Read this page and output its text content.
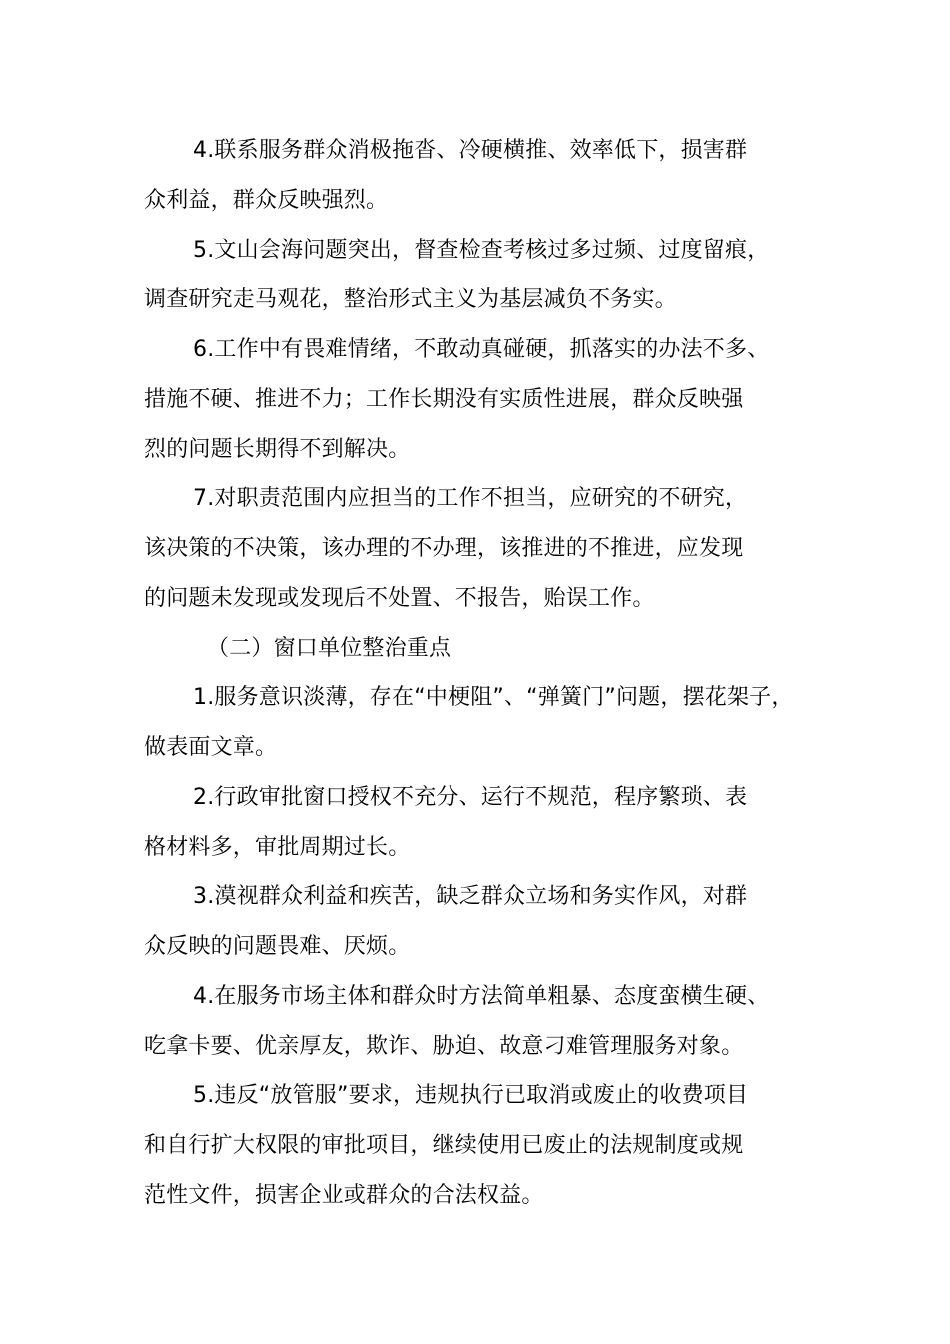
4.联系服务群众消极拖沓、冷硬横推、效率低下，损害群
众利益，群众反映强烈。
5.文山会海问题突出，督查检查考核过多过频、过度留痕，
调查研究走马观花，整治形式主义为基层减负不务实。
6.工作中有畏难情绪，不敢动真碰硬，抓落实的办法不多、
措施不硬、推进不力；工作长期没有实质性进展，群众反映强
烈的问题长期得不到解决。
7.对职责范围内应担当的工作不担当，应研究的不研究，
该决策的不决策，该办理的不办理，该推进的不推进，应发现
的问题未发现或发现后不处置、不报告，贻误工作。
（二）窗口单位整治重点
1.服务意识淡薄，存在“中梗阻”、“弹簧门”问题，摆花架子，
做表面文章。
2.行政审批窗口授权不充分、运行不规范，程序繁琐、表
格材料多，审批周期过长。
3.漠视群众利益和疾苦，缺乏群众立场和务实作风，对群
众反映的问题畏难、厌烦。
4.在服务市场主体和群众时方法简单粗暴、态度蛮横生硬、
吃拿卡要、优亲厚友，欺诈、胁迫、故意刁难管理服务对象。
5.违反“放管服”要求，违规执行已取消或废止的收费项目
和自行扩大权限的审批项目，继续使用已废止的法规制度或规
范性文件，损害企业或群众的合法权益。
